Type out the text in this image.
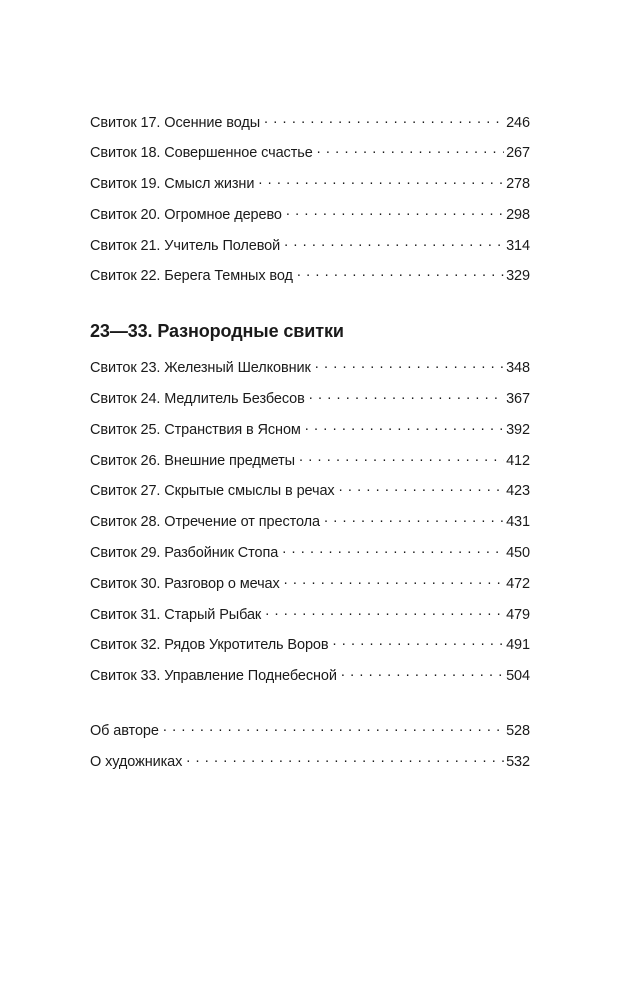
Свиток 17. Осенние воды . . .	246
Свиток 18. Совершенное счастье . . .	267
Свиток 19. Смысл жизни . . .	278
Свиток 20. Огромное дерево . . .	298
Свиток 21. Учитель Полевой . . .	314
Свиток 22. Берега Темных вод . . .	329
23—33. Разнородные свитки
Свиток 23. Железный Шелковник . . .	348
Свиток 24. Медлитель Безбесов . . .	367
Свиток 25. Странствия в Ясном . . .	392
Свиток 26. Внешние предметы . . .	412
Свиток 27. Скрытые смыслы в речах . . .	423
Свиток 28. Отречение от престола . . .	431
Свиток 29. Разбойник Стопа . . .	450
Свиток 30. Разговор о мечах . . .	472
Свиток 31. Старый Рыбак . . .	479
Свиток 32. Рядов Укротитель Воров . . .	491
Свиток 33. Управление Поднебесной . . .	504
Об авторе . . .	528
О художниках . . .	532
